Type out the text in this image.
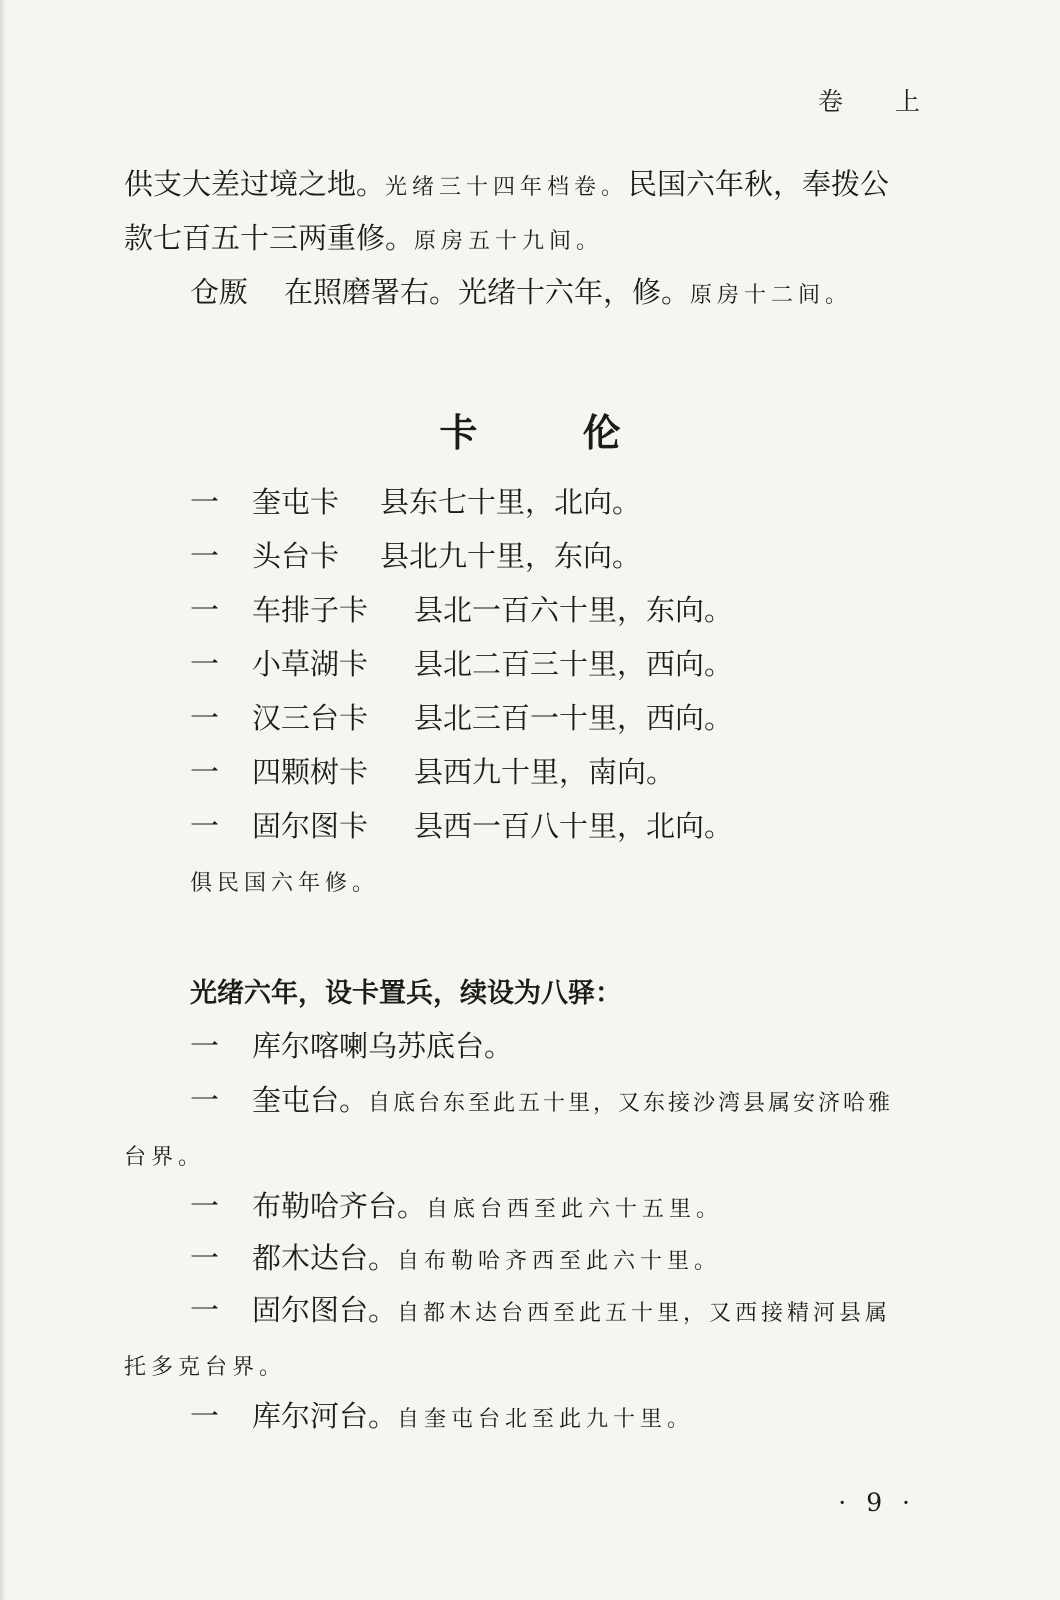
卷 上
供支大差过境之地。光绪三十四年档卷。民国六年秋，奉拨公
款七百五十三两重修。原房五十九间。
仓厫 在照磨署右。光绪十六年，修。原房十二间。
卡 伦
一 奎屯卡 县东七十里，北向。
一 头台卡 县北九十里，东向。
一 车排子卡 县北一百六十里，东向。
一 小草湖卡 县北二百三十里，西向。
一 汉三台卡 县北三百一十里，西向。
一 四颗树卡 县西九十里，南向。
一 固尔图卡 县西一百八十里，北向。
俱民国六年修。
光绪六年，设卡置兵，续设为八驿：
一 库尔喀喇乌苏底台。
一 奎屯台。自底台东至此五十里，又东接沙湾县属安济哈雅
台界。
一 布勒哈齐台。自底台西至此六十五里。
一 都木达台。自布勒哈齐西至此六十里。
一 固尔图台。自都木达台西至此五十里，又西接精河县属
托多克台界。
一 库尔河台。自奎屯台北至此九十里。
· 9 ·
